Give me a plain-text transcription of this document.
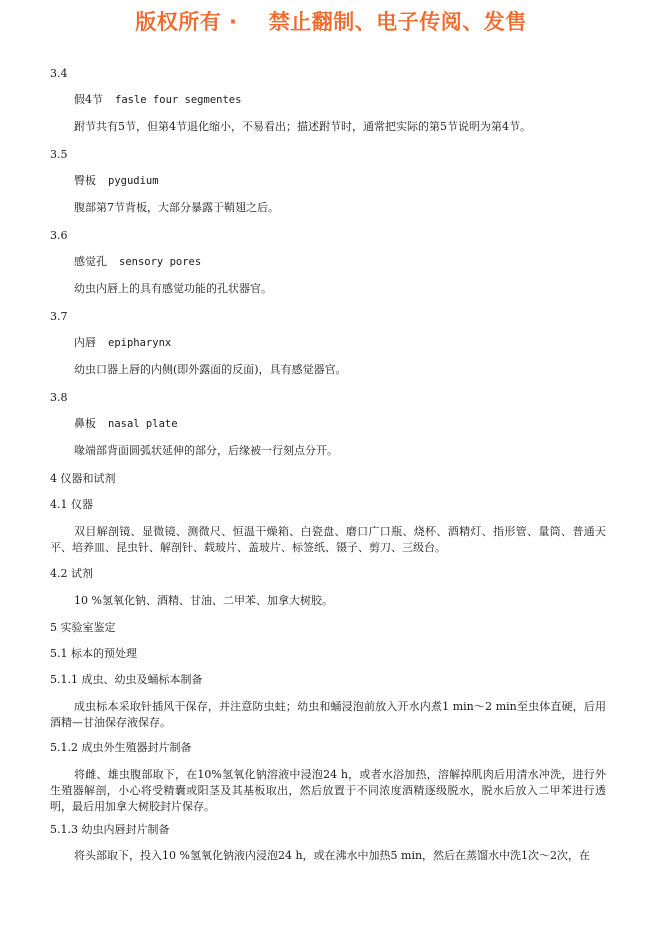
版权所有 ·    禁止翻制、电子传阅、发售
3.4
假4节 fasle four segmentes
跗节共有5节，但第4节退化缩小，不易看出；描述跗节时，通常把实际的第5节说明为第4节。
3.5
臀板 pygudium
腹部第7节背板，大部分暴露于鞘翅之后。
3.6
感觉孔 sensory pores
幼虫内唇上的具有感觉功能的孔状器官。
3.7
内唇 epipharynx
幼虫口器上唇的内侧(即外露面的反面)，具有感觉器官。
3.8
鼻板 nasal plate
喙端部背面圆弧状延伸的部分，后缘被一行刻点分开。
4 仪器和试剂
4.1 仪器
双目解剖镜、显微镜、测微尺、恒温干燥箱、白瓷盘、磨口广口瓶、烧杯、酒精灯、指形管、量筒、普通天平、培养皿、昆虫针、解剖针、载玻片、盖玻片、标签纸、镊子、剪刀、三级台。
4.2 试剂
10 %氢氧化钠、酒精、甘油、二甲苯、加拿大树胶。
5 实验室鉴定
5.1 标本的预处理
5.1.1 成虫、幼虫及蛹标本制备
成虫标本采取针插风干保存，并注意防虫蛀；幼虫和蛹浸泡前放入开水内煮1 min～2 min至虫体直硬，后用酒精—甘油保存液保存。
5.1.2 成虫外生殖器封片制备
将雌、雄虫腹部取下，在10%氢氧化钠溶液中浸泡24 h，或者水浴加热，溶解掉肌肉后用清水冲洗，进行外生殖器解剖，小心将受精囊或阳茎及其基板取出，然后放置于不同浓度酒精逐级脱水，脱水后放入二甲苯进行透明，最后用加拿大树胶封片保存。
5.1.3 幼虫内唇封片制备
将头部取下，投入10 %氢氧化钠液内浸泡24 h，或在沸水中加热5 min，然后在蒸馏水中洗1次～2次，在
